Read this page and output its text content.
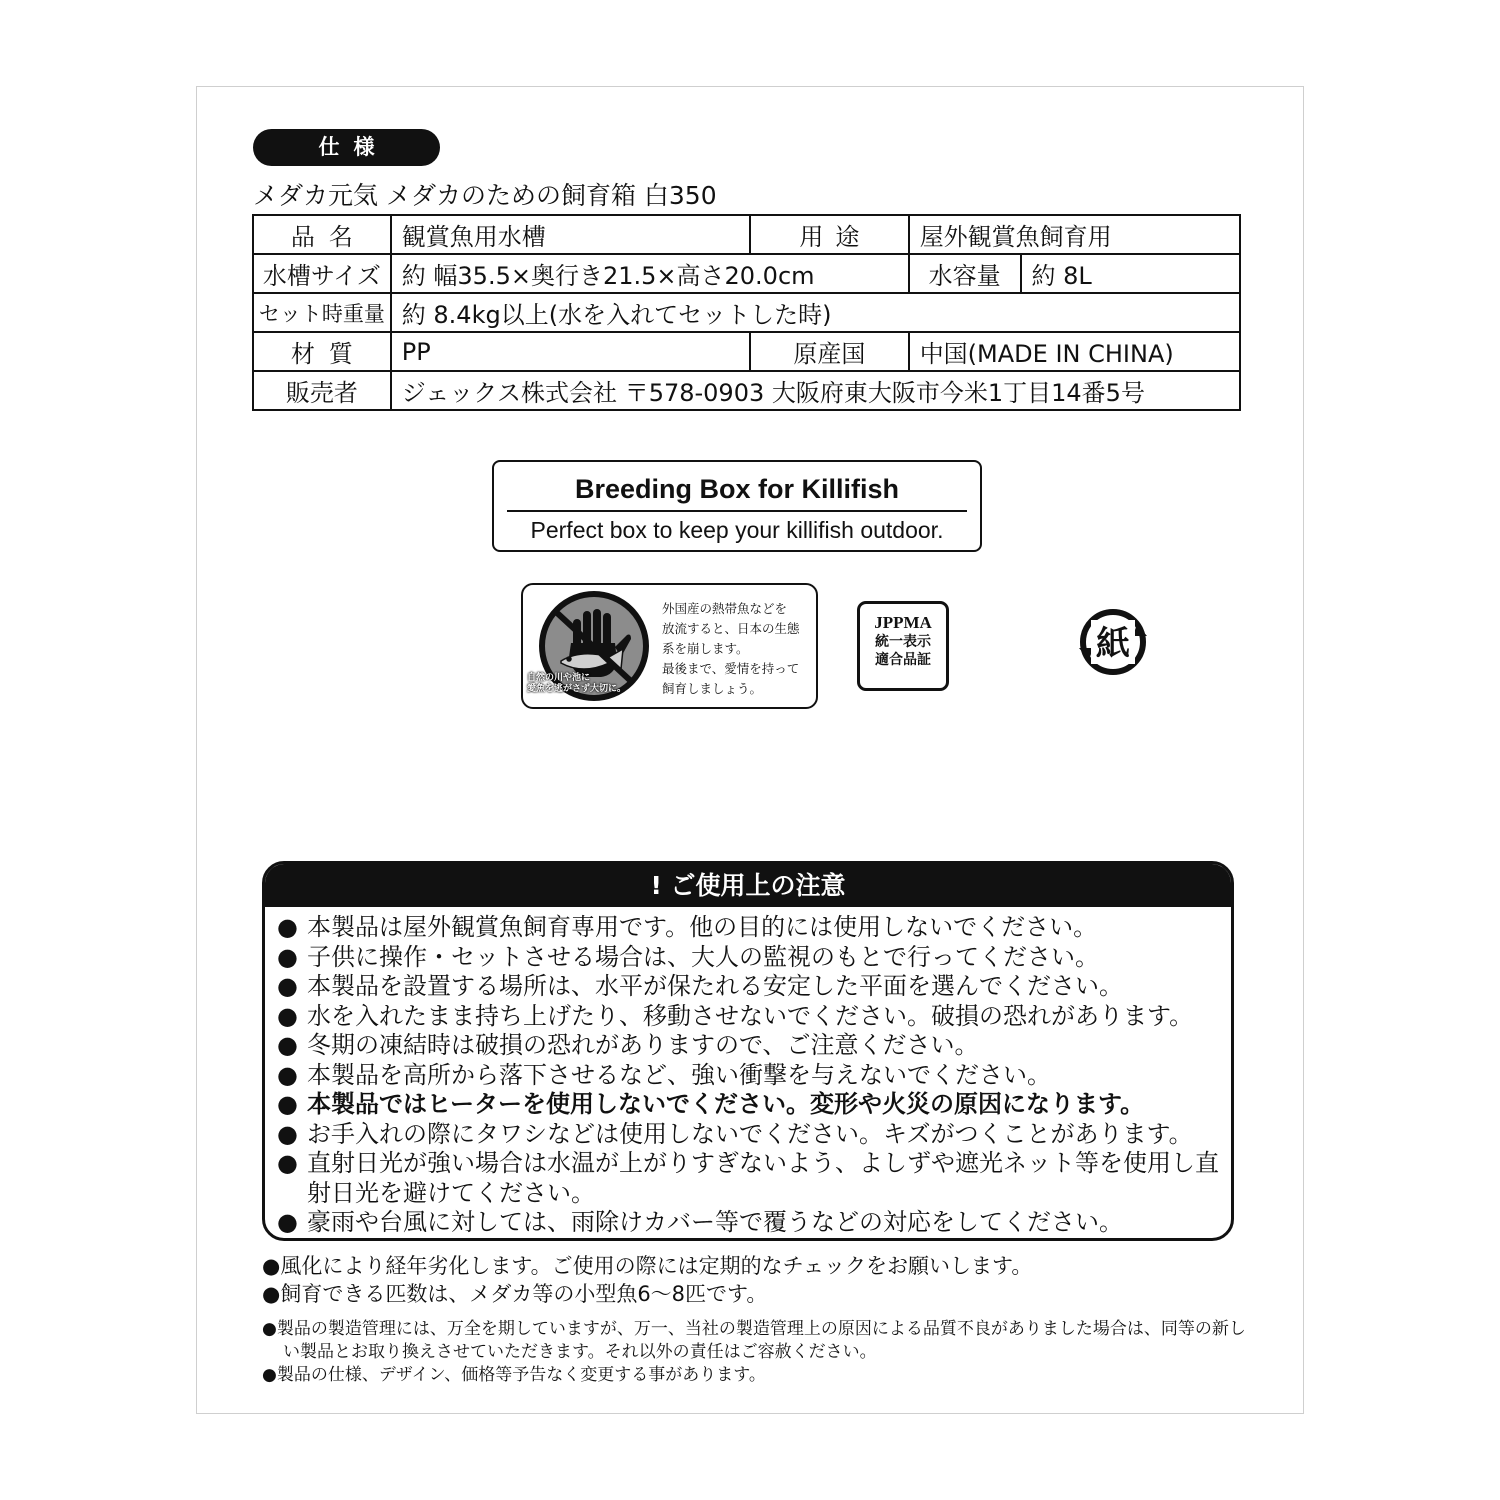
仕様
メダカ元気 メダカのための飼育箱 白350
品名	観賞魚用水槽	用途	屋外観賞魚飼育用	
水槽サイズ	約 幅35.5×奥行き21.5×高さ20.0cm		水容量	約 8L
セット時重量	約 8.4kg以上(水を入れてセットした時)			
材質	PP	原産国	中国(MADE IN CHINA)	
販売者	ジェックス株式会社 〒578-0903 大阪府東大阪市今米1丁目14番5号			
Breeding Box for Killifish
Perfect box to keep your killifish outdoor.
自然の川や池に
愛魚を逃がさず大切に。
外国産の熱帯魚などを
放流すると、日本の生態
系を崩します。
最後まで、愛情を持って
飼育しましょう。
JPPMA
統一表示
適合品証	紙
! ご使用上の注意
● 本製品は屋外観賞魚飼育専用です。他の目的には使用しないでください。
● 子供に操作・セットさせる場合は、大人の監視のもとで行ってください。
● 本製品を設置する場所は、水平が保たれる安定した平面を選んでください。
● 水を入れたまま持ち上げたり、移動させないでください。破損の恐れがあります。
● 冬期の凍結時は破損の恐れがありますので、ご注意ください。
● 本製品を高所から落下させるなど、強い衝撃を与えないでください。
● 本製品ではヒーターを使用しないでください。変形や火災の原因になります。
● お手入れの際にタワシなどは使用しないでください。キズがつくことがあります。
● 直射日光が強い場合は水温が上がりすぎないよう、よしずや遮光ネット等を使用し直射日光を避けてください。
● 豪雨や台風に対しては、雨除けカバー等で覆うなどの対応をしてください。
● 風化により経年劣化します。ご使用の際には定期的なチェックをお願いします。
● 飼育できる匹数は、メダカ等の小型魚6〜8匹です。
● 製品の製造管理には、万全を期していますが、万一、当社の製造管理上の原因による品質不良がありました場合は、同等の新しい製品とお取り換えさせていただきます。それ以外の責任はご容赦ください。
● 製品の仕様、デザイン、価格等予告なく変更する事があります。
